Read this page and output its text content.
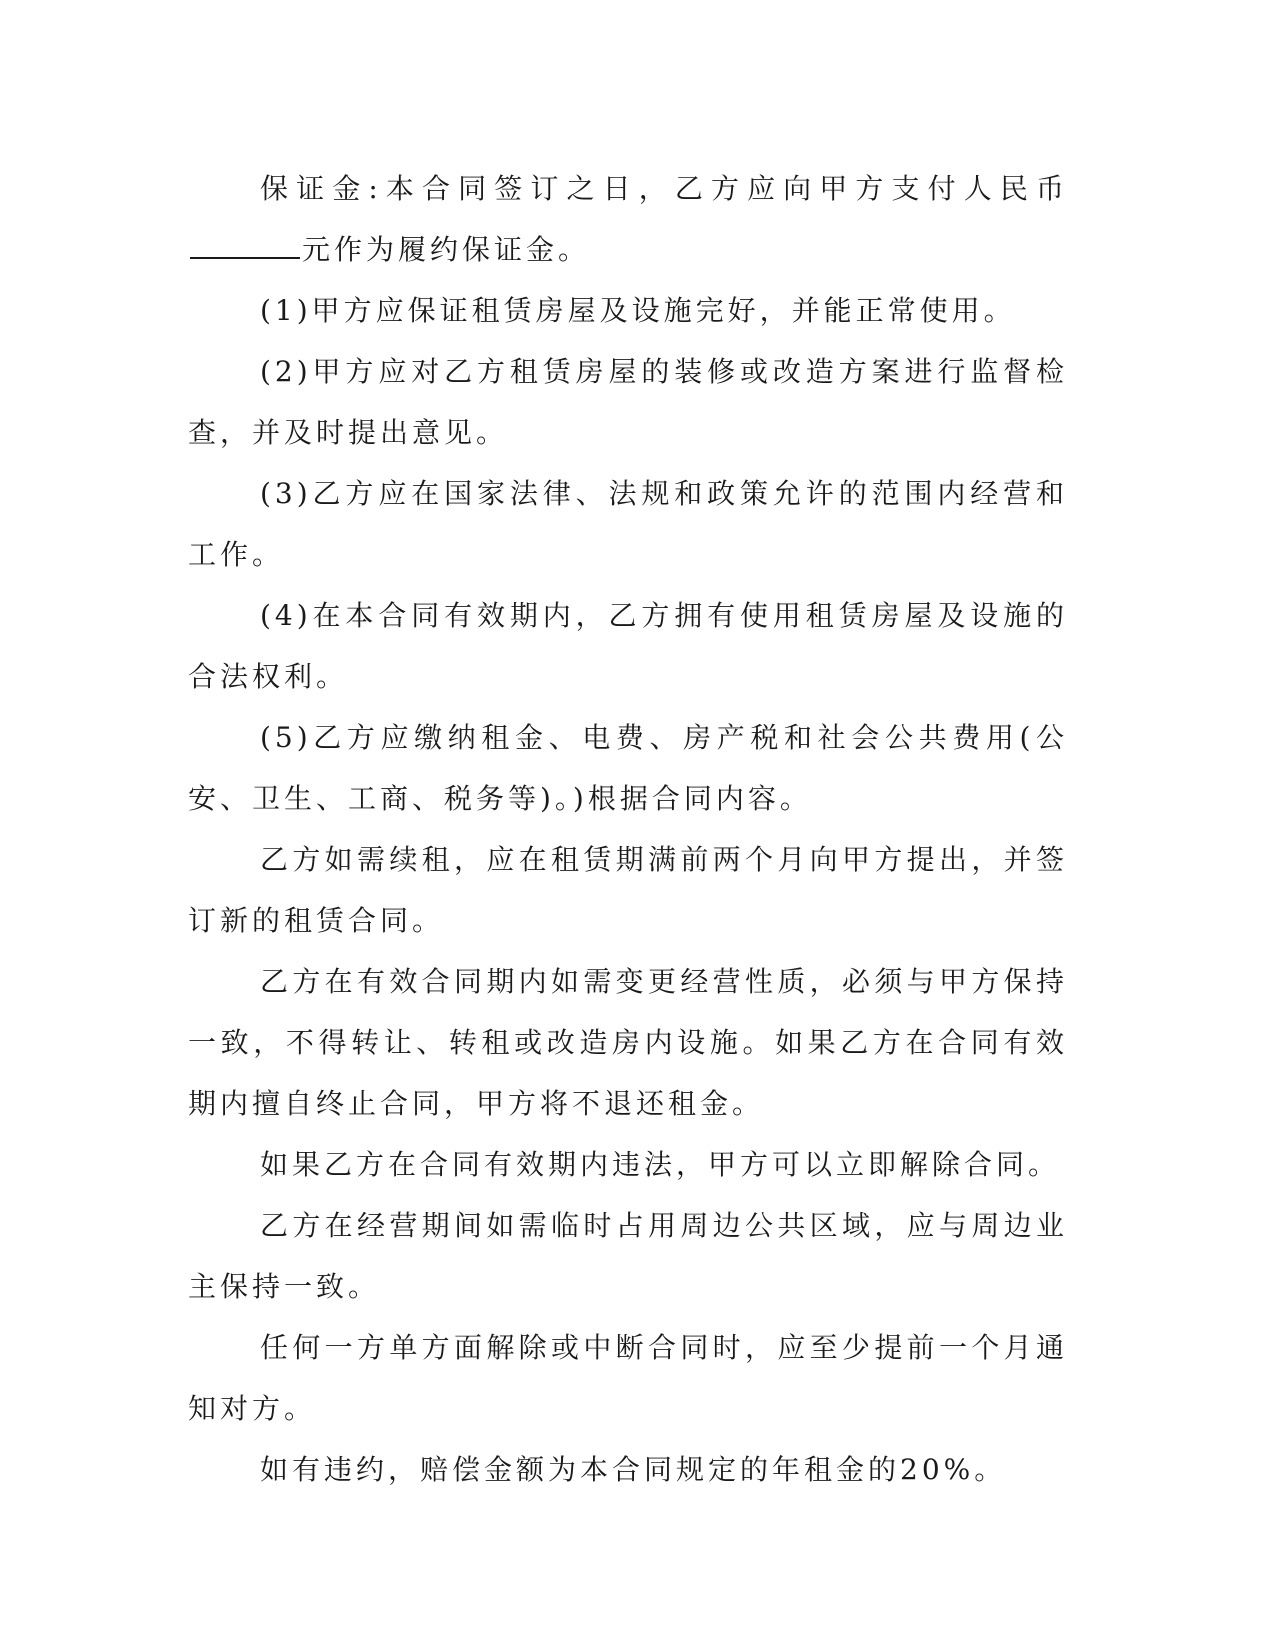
保证金:本合同签订之日，乙方应向甲方支付人民币元作为履约保证金。

(1)甲方应保证租赁房屋及设施完好，并能正常使用。

(2)甲方应对乙方租赁房屋的装修或改造方案进行监督检查，并及时提出意见。

(3)乙方应在国家法律、法规和政策允许的范围内经营和工作。

(4)在本合同有效期内，乙方拥有使用租赁房屋及设施的合法权利。

(5)乙方应缴纳租金、电费、房产税和社会公共费用(公安、卫生、工商、税务等)。)根据合同内容。

乙方如需续租，应在租赁期满前两个月向甲方提出，并签订新的租赁合同。

乙方在有效合同期内如需变更经营性质，必须与甲方保持一致，不得转让、转租或改造房内设施。如果乙方在合同有效期内擅自终止合同，甲方将不退还租金。

如果乙方在合同有效期内违法，甲方可以立即解除合同。

乙方在经营期间如需临时占用周边公共区域，应与周边业主保持一致。

任何一方单方面解除或中断合同时，应至少提前一个月通知对方。

如有违约，赔偿金额为本合同规定的年租金的20%。
